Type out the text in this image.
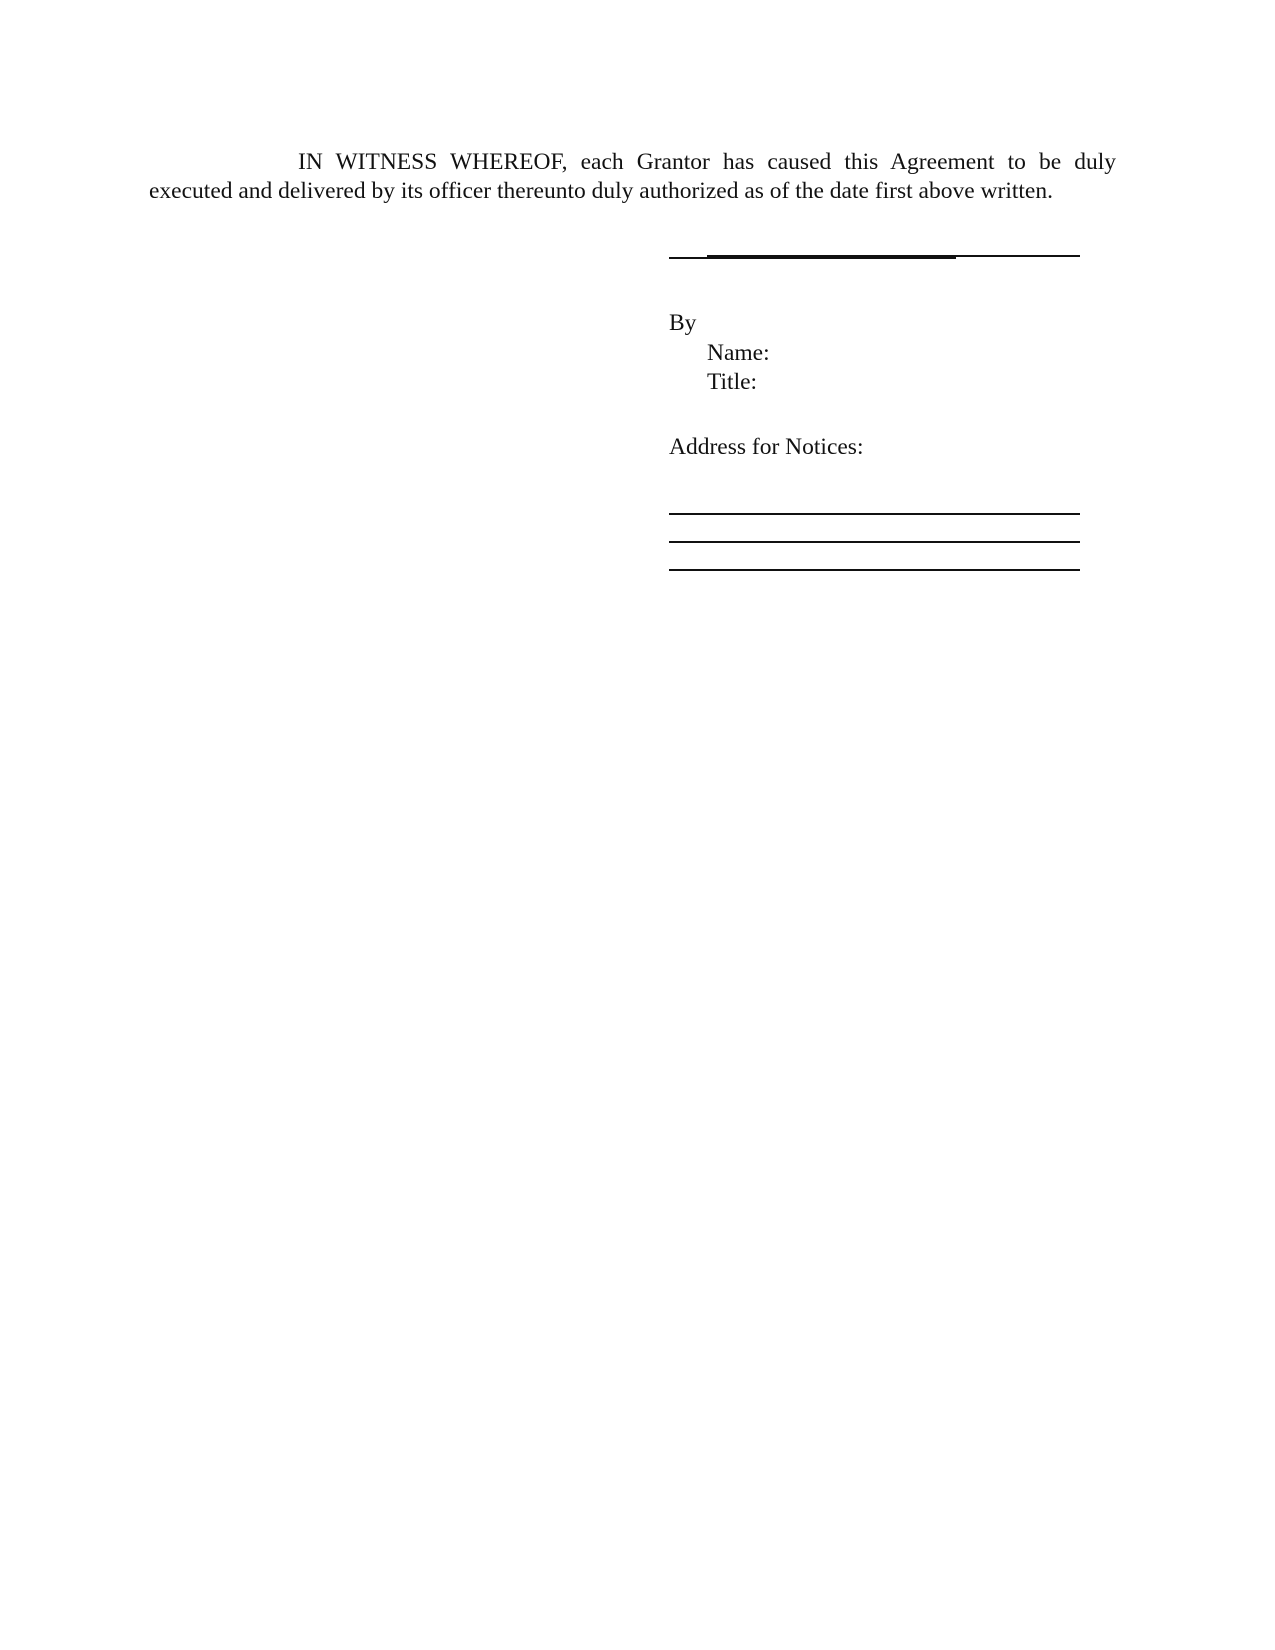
IN WITNESS WHEREOF, each Grantor has caused this Agreement to be duly executed and delivered by its officer thereunto duly authorized as of the date first above written.

By
Name:
Title:
Address for Notices:
